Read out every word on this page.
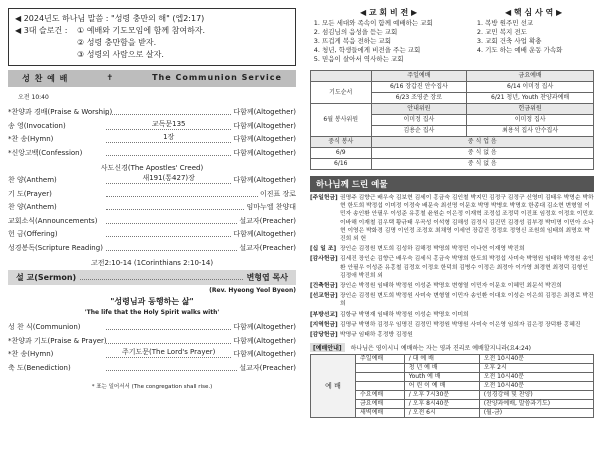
◀ 2024년도 하나님 말씀 : "성령 충만의 해" (엡2:17)
◀ 3대 슬로건 :	① 예배와 기도모임에 함께 참여하자.
② 성령 충만함을 받자.
③ 성령의 사람으로 살자.
성 찬 예 배	✝	The Communion Service
오전 10:40
*찬양과 경배(Praise & Worship)	다함께(Altogether)
송 영(Invocation)	교독문135	다함께(Altogether)
*찬 송(Hymn)	1장	다함께(Altogether)
*신앙고백(Confession)	다함께(Altogether)
사도신경(The Apostles' Creed)
찬 양(Anthem)	새191(통427)장	다함께(Altogether)
기 도(Prayer)	이진표 장로
찬 양(Anthem)	임마누엘 찬양대
교회소식(Announcements)	설교자(Preacher)
헌 금(Offering)	다함께(Altogether)
성경봉독(Scripture Reading)	설교자(Preacher)
고전2:10-14 (1Corinthians 2:10-14)
설 교(Sermon)	변형엽 목사
(Rev. Hyeong Yeol Byeon)
"성령님과 동행하는 삶"
'The life that the Holy Spirit walks with'
성 찬 식(Communion)	다함께(Altogether)
*찬양과 기도(Praise & Prayer)	다함께(Altogether)
*찬 송(Hymn)	주기도문(The Lord's Prayer)	다함께(Altogether)
축 도(Benediction)	설교자(Preacher)
* 표는 일어서서 (The congregation shall rise.)
◀ 교 회 비 전 ▶
1. 모든 세대와 족속이 함께 예배하는 교회
2. 섬김님의 음성을 듣는 교회
3. 뜨겁게 복음 전하는 교회
4. 청년, 학생들에게 비전을 주는 교회
5. 믿음이 살아서 역사하는 교회
◀ 핵 심 사 역 ▶
1. 복방 원주민 선교
2. 교민 복지 전도
3. 교회 건축 사업 확충
4. 기도 하는 예배 운동 가속화
	주일예배	금요예배
기도순서	6/16 장갑진 안수집사	6/14 이미정 집사
	6/23 조영준 장로	6/21 청년, Youth 찬양과예배
6월 봉사위원	안내위원	헌금위원
	이미정 집사	이미정 집사
	김용순 집사	최용석 집사 안수집사
중식 봉사	중 식 업 음	
6/9	중 식 없 음	
6/16	중 식 없 음	
하나님께 드린 예물
[주일헌금] 권명주 김향근 배우숙 김보현 김세이 홍금숙 김인철 박지민 김정구 김정구 신영미 김태우 박명순 박하현 한도희 박정섭 이미정 이정숙 배문숙 최선명 이문호 박명 박병호 박명호 한종대 김소현 변형열 이민자 송인환 안필우 이성준 유홍철 윤원순 이은정 이재혁 조정섭 조정덕 이진표 임정호 이정호 이민호 이바해 이재철 김우택 황규태 우곡성 이석형 김해성 김정식 김진민 김경성 김부경 박미명 이민아 소나현 이영은 박화경 김명 이인정 조정호 최채영 이세연 장갑진 정정호 정영신 조원희 임태희 최명호 박진희 외 헌
[십 일 조] 장인순 김정원 변도희 김성하 김해정 박명희 박정민 이나현 이재영 박진희
[감사헌금] 김세진 장인순 김향근 배우숙 김세식 홍금숙 박명희 한도희 박정섭 사미숙 박명원 임태하 박정원 송인환 안필우 이성준 유홍철 김정호 이정호 한덕희 김병수 이정은 최정아 이가영 최경현 최정덕 김형인 김정애 박진희 외
[건축헌금] 장인순 박정원 임태하 박정원 이성준 박명호 변형열 이민자 이문호 이혜민 최문석 박진희
[선교헌금] 장인순 김정원 변도희 박정원 사미숙 변형열 이민자 송인환 이대호 이성순 이은희 김정은 최경로 박진희
[부방선교] 김항규 박명재 임태하 박정원 이성순 박명호 이미희
[지역헌금] 김명규 박명하 김정우 임명진 김정민 박정원 박명원 사미숙 이은영 임희자 김은정 장덕환 홍혜진
[감당헌금] 박명규 임태하 홍정방 김정원
[예배안내]	하나님은 영이시니 예배하는 자는 영과 진리로 예배할지니라(요4:24)
예 배	주일예배	/ 대 예 배	오전 10시40분
		청 년 예 배	오후 2시
		Youth 예 배	오전 10시40분
		어 린 이 예 배	오전 10시40분
	수요예배	/ 오후 7시30분	(성경강해 및 찬양)
	금요예배	/ 오후 8시40분	(찬양과예배, 말씀과기도)
	새벽예배	/ 오전 6시	(월-금)
